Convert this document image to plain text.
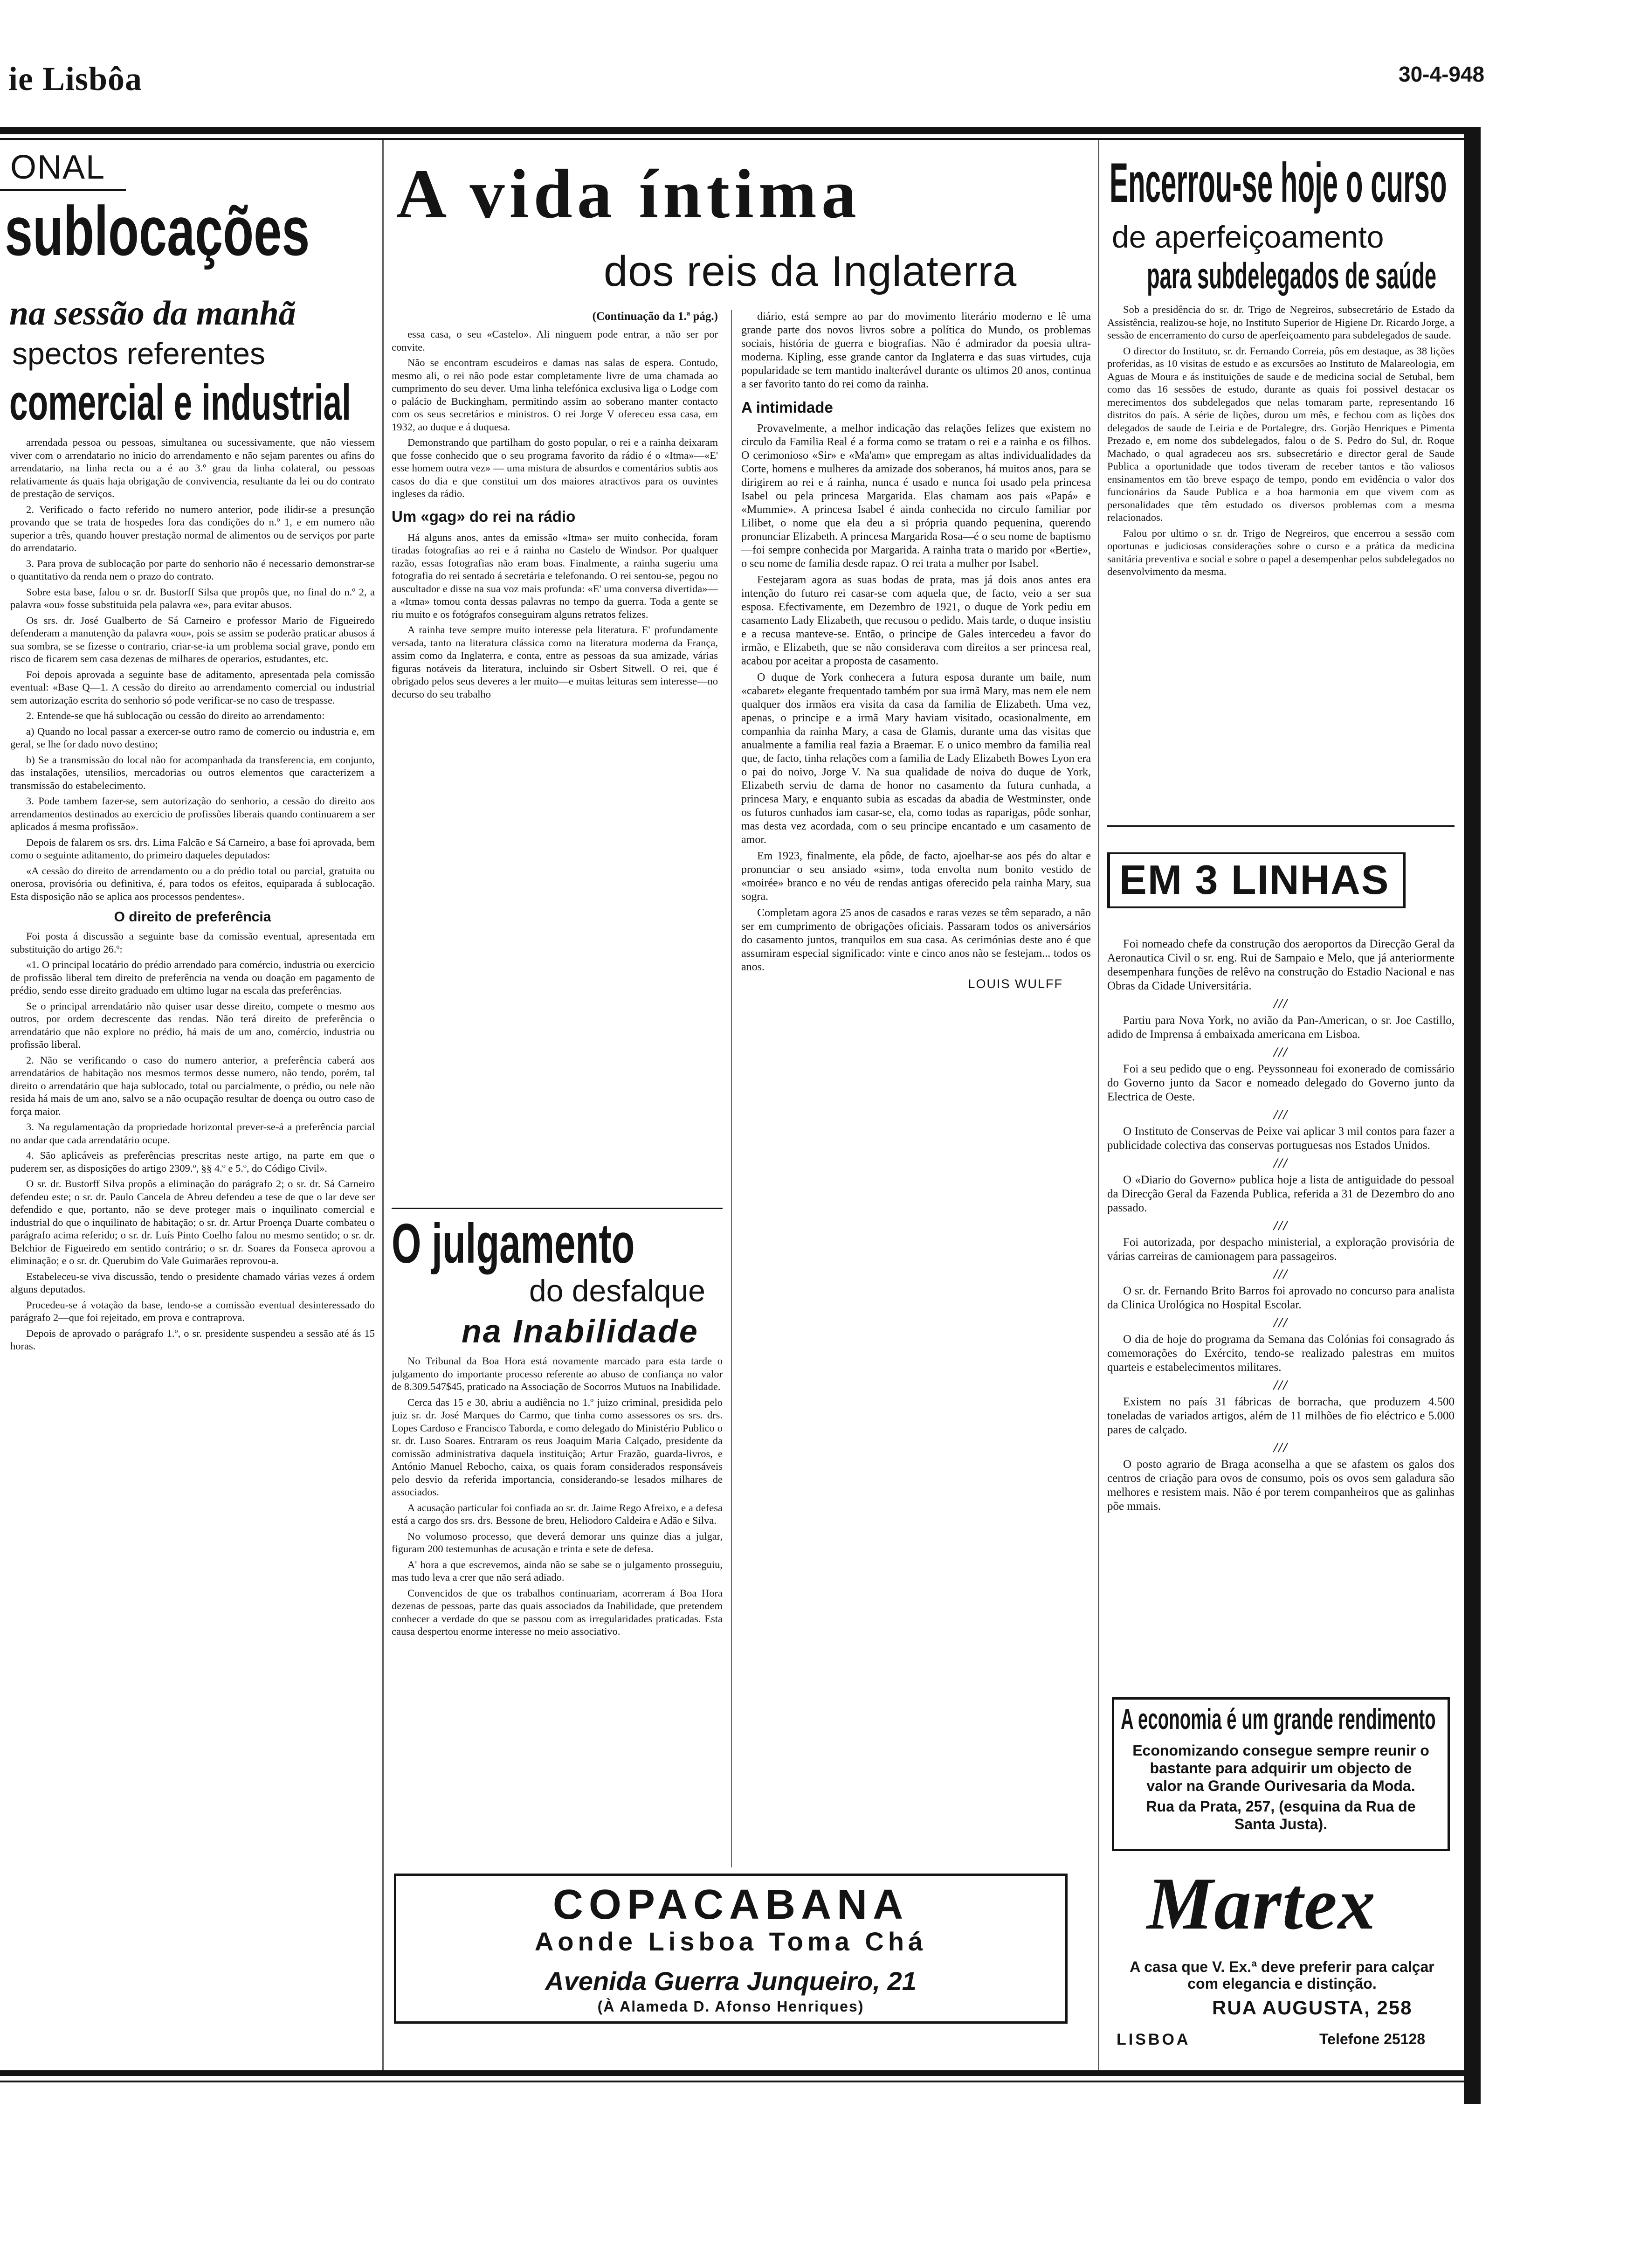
ie Lisbôa	30-4-948
ONAL
sublocações
na sessão da manhã
spectos referentes
comercial e industrial

arrendada pessoa ou pessoas, simultanea ou sucessivamente, que não viessem viver com o arrendatario no inicio do arrendamento e não sejam parentes ou afins do arrendatario, na linha recta ou a é ao 3.º grau da linha colateral, ou pessoas relativamente ás quais haja obrigação de convivencia, resultante da lei ou do contrato de prestação de serviços.

2. Verificado o facto referido no numero anterior, pode ilidir-se a presunção provando que se trata de hospedes fora das condições do n.º 1, e em numero não superior a três, quando houver prestação normal de alimentos ou de serviços por parte do arrendatario.

3. Para prova de sublocação por parte do senhorio não é necessario demonstrar-se o quantitativo da renda nem o prazo do contrato.

Sobre esta base, falou o sr. dr. Bustorff Silsa que propôs que, no final do n.º 2, a palavra «ou» fosse substituida pela palavra «e», para evitar abusos.

Os srs. dr. José Gualberto de Sá Carneiro e professor Mario de Figueiredo defenderam a manutenção da palavra «ou», pois se assim se poderão praticar abusos á sua sombra, se se fizesse o contrario, criar-se-ia um problema social grave, pondo em risco de ficarem sem casa dezenas de milhares de operarios, estudantes, etc.

Foi depois aprovada a seguinte base de aditamento, apresentada pela comissão eventual: «Base Q—1. A cessão do direito ao arrendamento comercial ou industrial sem autorização escrita do senhorio só pode verificar-se no caso de trespasse.

2. Entende-se que há sublocação ou cessão do direito ao arrendamento:

a) Quando no local passar a exercer-se outro ramo de comercio ou industria e, em geral, se lhe for dado novo destino;

b) Se a transmissão do local não for acompanhada da transferencia, em conjunto, das instalações, utensilios, mercadorias ou outros elementos que caracterizem a transmissão do estabelecimento.

3. Pode tambem fazer-se, sem autorização do senhorio, a cessão do direito aos arrendamentos destinados ao exercicio de profissões liberais quando continuarem a ser aplicados á mesma profissão».

Depois de falarem os srs. drs. Lima Falcão e Sá Carneiro, a base foi aprovada, bem como o seguinte aditamento, do primeiro daqueles deputados:

«A cessão do direito de arrendamento ou a do prédio total ou parcial, gratuita ou onerosa, provisória ou definitiva, é, para todos os efeitos, equiparada á sublocação. Esta disposição não se aplica aos processos pendentes».

O direito de preferência

Foi posta á discussão a seguinte base da comissão eventual, apresentada em substituição do artigo 26.º:

«1. O principal locatário do prédio arrendado para comércio, industria ou exercicio de profissão liberal tem direito de preferência na venda ou doação em pagamento de prédio, sendo esse direito graduado em ultimo lugar na escala das preferências.

Se o principal arrendatário não quiser usar desse direito, compete o mesmo aos outros, por ordem decrescente das rendas. Não terá direito de preferência o arrendatário que não explore no prédio, há mais de um ano, comércio, industria ou profissão liberal.

2. Não se verificando o caso do numero anterior, a preferência caberá aos arrendatários de habitação nos mesmos termos desse numero, não tendo, porém, tal direito o arrendatário que haja sublocado, total ou parcialmente, o prédio, ou nele não resida há mais de um ano, salvo se a não ocupação resultar de doença ou outro caso de força maior.

3. Na regulamentação da propriedade horizontal prever-se-á a preferência parcial no andar que cada arrendatário ocupe.

4. São aplicáveis as preferências prescritas neste artigo, na parte em que o puderem ser, as disposições do artigo 2309.º, §§ 4.º e 5.º, do Código Civil».

O sr. dr. Bustorff Silva propôs a eliminação do parágrafo 2; o sr. dr. Sá Carneiro defendeu este; o sr. dr. Paulo Cancela de Abreu defendeu a tese de que o lar deve ser defendido e que, portanto, não se deve proteger mais o inquilinato comercial e industrial do que o inquilinato de habitação; o sr. dr. Artur Proença Duarte combateu o parágrafo acima referido; o sr. dr. Luís Pinto Coelho falou no mesmo sentido; o sr. dr. Belchior de Figueiredo em sentido contrário; o sr. dr. Soares da Fonseca aprovou a eliminação; e o sr. dr. Querubim do Vale Guimarães reprovou-a.

Estabeleceu-se viva discussão, tendo o presidente chamado várias vezes á ordem alguns deputados.

Procedeu-se á votação da base, tendo-se a comissão eventual desinteressado do parágrafo 2—que foi rejeitado, em prova e contraprova.

Depois de aprovado o parágrafo 1.º, o sr. presidente suspendeu a sessão até ás 15 horas.

A vida íntima
dos reis da Inglaterra
(Continuação da 1.ª pág.)

essa casa, o seu «Castelo». Ali ninguem pode entrar, a não ser por convite.

Não se encontram escudeiros e damas nas salas de espera. Contudo, mesmo ali, o rei não pode estar completamente livre de uma chamada ao cumprimento do seu dever. Uma linha telefónica exclusiva liga o Lodge com o palácio de Buckingham, permitindo assim ao soberano manter contacto com os seus secretários e ministros. O rei Jorge V ofereceu essa casa, em 1932, ao duque e á duquesa.

Demonstrando que partilham do gosto popular, o rei e a rainha deixaram que fosse conhecido que o seu programa favorito da rádio é o «Itma»—«E' esse homem outra vez» — uma mistura de absurdos e comentários subtis aos casos do dia e que constitui um dos maiores atractivos para os ouvintes ingleses da rádio.

Um «gag» do rei na rádio

Há alguns anos, antes da emissão «Itma» ser muito conhecida, foram tiradas fotografias ao rei e á rainha no Castelo de Windsor. Por qualquer razão, essas fotografias não eram boas. Finalmente, a rainha sugeriu uma fotografia do rei sentado á secretária e telefonando. O rei sentou-se, pegou no auscultador e disse na sua voz mais profunda: «E' uma conversa divertida»—a «Itma» tomou conta dessas palavras no tempo da guerra. Toda a gente se riu muito e os fotógrafos conseguiram alguns retratos felizes.

A rainha teve sempre muito interesse pela literatura. E' profundamente versada, tanto na literatura clássica como na literatura moderna da França, assim como da Inglaterra, e conta, entre as pessoas da sua amizade, várias figuras notáveis da literatura, incluindo sir Osbert Sitwell. O rei, que é obrigado pelos seus deveres a ler muito—e muitas leituras sem interesse—no decurso do seu trabalho

diário, está sempre ao par do movimento literário moderno e lê uma grande parte dos novos livros sobre a política do Mundo, os problemas sociais, história de guerra e biografias. Não é admirador da poesia ultra-moderna. Kipling, esse grande cantor da Inglaterra e das suas virtudes, cuja popularidade se tem mantido inalterável durante os ultimos 20 anos, continua a ser favorito tanto do rei como da rainha.

A intimidade

Provavelmente, a melhor indicação das relações felizes que existem no circulo da Familia Real é a forma como se tratam o rei e a rainha e os filhos. O cerimonioso «Sir» e «Ma'am» que empregam as altas individualidades da Corte, homens e mulheres da amizade dos soberanos, há muitos anos, para se dirigirem ao rei e á rainha, nunca é usado e nunca foi usado pela princesa Isabel ou pela princesa Margarida. Elas chamam aos pais «Papá» e «Mummie». A princesa Isabel é ainda conhecida no circulo familiar por Lilibet, o nome que ela deu a si própria quando pequenina, querendo pronunciar Elizabeth. A princesa Margarida Rosa—é o seu nome de baptismo—foi sempre conhecida por Margarida. A rainha trata o marido por «Bertie», o seu nome de familia desde rapaz. O rei trata a mulher por Isabel.

Festejaram agora as suas bodas de prata, mas já dois anos antes era intenção do futuro rei casar-se com aquela que, de facto, veio a ser sua esposa. Efectivamente, em Dezembro de 1921, o duque de York pediu em casamento Lady Elizabeth, que recusou o pedido. Mais tarde, o duque insistiu e a recusa manteve-se. Então, o principe de Gales intercedeu a favor do irmão, e Elizabeth, que se não considerava com direitos a ser princesa real, acabou por aceitar a proposta de casamento.

O duque de York conhecera a futura esposa durante um baile, num «cabaret» elegante frequentado também por sua irmã Mary, mas nem ele nem qualquer dos irmãos era visita da casa da familia de Elizabeth. Uma vez, apenas, o principe e a irmã Mary haviam visitado, ocasionalmente, em companhia da rainha Mary, a casa de Glamis, durante uma das visitas que anualmente a familia real fazia a Braemar. E o unico membro da familia real que, de facto, tinha relações com a familia de Lady Elizabeth Bowes Lyon era o pai do noivo, Jorge V. Na sua qualidade de noiva do duque de York, Elizabeth serviu de dama de honor no casamento da futura cunhada, a princesa Mary, e enquanto subia as escadas da abadia de Westminster, onde os futuros cunhados iam casar-se, ela, como todas as raparigas, pôde sonhar, mas desta vez acordada, com o seu principe encantado e um casamento de amor.

Em 1923, finalmente, ela pôde, de facto, ajoelhar-se aos pés do altar e pronunciar o seu ansiado «sim», toda envolta num bonito vestido de «moirée» branco e no véu de rendas antigas oferecido pela rainha Mary, sua sogra.

Completam agora 25 anos de casados e raras vezes se têm separado, a não ser em cumprimento de obrigações oficiais. Passaram todos os aniversários do casamento juntos, tranquilos em sua casa. As cerimónias deste ano é que assumiram especial significado: vinte e cinco anos não se festejam... todos os anos.

LOUIS WULFF
O julgamento
do desfalque
na Inabilidade

No Tribunal da Boa Hora está novamente marcado para esta tarde o julgamento do importante processo referente ao abuso de confiança no valor de 8.309.547$45, praticado na Associação de Socorros Mutuos na Inabilidade.

Cerca das 15 e 30, abriu a audiência no 1.º juizo criminal, presidida pelo juiz sr. dr. José Marques do Carmo, que tinha como assessores os srs. drs. Lopes Cardoso e Francisco Taborda, e como delegado do Ministério Publico o sr. dr. Luso Soares. Entraram os reus Joaquim Maria Calçado, presidente da comissão administrativa daquela instituição; Artur Frazão, guarda-livros, e António Manuel Rebocho, caixa, os quais foram considerados responsáveis pelo desvio da referida importancia, considerando-se lesados milhares de associados.

A acusação particular foi confiada ao sr. dr. Jaime Rego Afreixo, e a defesa está a cargo dos srs. drs. Bessone de breu, Heliodoro Caldeira e Adão e Silva.

No volumoso processo, que deverá demorar uns quinze dias a julgar, figuram 200 testemunhas de acusação e trinta e sete de defesa.

A' hora a que escrevemos, ainda não se sabe se o julgamento prosseguiu, mas tudo leva a crer que não será adiado.

Convencidos de que os trabalhos continuariam, acorreram á Boa Hora dezenas de pessoas, parte das quais associados da Inabilidade, que pretendem conhecer a verdade do que se passou com as irregularidades praticadas. Esta causa despertou enorme interesse no meio associativo.

COPACABANA
Aonde Lisboa Toma Chá
Avenida Guerra Junqueiro, 21
(À Alameda D. Afonso Henriques)
Encerrou-se hoje o curso
de aperfeiçoamento
para subdelegados de saúde

Sob a presidência do sr. dr. Trigo de Negreiros, subsecretário de Estado da Assistência, realizou-se hoje, no Instituto Superior de Higiene Dr. Ricardo Jorge, a sessão de encerramento do curso de aperfeiçoamento para subdelegados de saude.

O director do Instituto, sr. dr. Fernando Correia, pôs em destaque, as 38 lições proferidas, as 10 visitas de estudo e as excursões ao Instituto de Malareologia, em Aguas de Moura e ás instituições de saude e de medicina social de Setubal, bem como das 16 sessões de estudo, durante as quais foi possivel destacar os merecimentos dos subdelegados que nelas tomaram parte, representando 16 distritos do país. A série de lições, durou um mês, e fechou com as lições dos delegados de saude de Leiria e de Portalegre, drs. Gorjão Henriques e Pimenta Prezado e, em nome dos subdelegados, falou o de S. Pedro do Sul, dr. Roque Machado, o qual agradeceu aos srs. subsecretário e director geral de Saude Publica a oportunidade que todos tiveram de receber tantos e tão valiosos ensinamentos em tão breve espaço de tempo, pondo em evidência o valor dos funcionários da Saude Publica e a boa harmonia em que vivem com as personalidades que têm estudado os diversos problemas com a mesma relacionados.

Falou por ultimo o sr. dr. Trigo de Negreiros, que encerrou a sessão com oportunas e judiciosas considerações sobre o curso e a prática da medicina sanitária preventiva e social e sobre o papel a desempenhar pelos subdelegados no desenvolvimento da mesma.

EM 3 LINHAS

Foi nomeado chefe da construção dos aeroportos da Direcção Geral da Aeronautica Civil o sr. eng. Rui de Sampaio e Melo, que já anteriormente desempenhara funções de relêvo na construção do Estadio Nacional e nas Obras da Cidade Universitária.

///

Partiu para Nova York, no avião da Pan-American, o sr. Joe Castillo, adido de Imprensa á embaixada americana em Lisboa.

///

Foi a seu pedido que o eng. Peyssonneau foi exonerado de comissário do Governo junto da Sacor e nomeado delegado do Governo junto da Electrica de Oeste.

///

O Instituto de Conservas de Peixe vai aplicar 3 mil contos para fazer a publicidade colectiva das conservas portuguesas nos Estados Unidos.

///

O «Diario do Governo» publica hoje a lista de antiguidade do pessoal da Direcção Geral da Fazenda Publica, referida a 31 de Dezembro do ano passado.

///

Foi autorizada, por despacho ministerial, a exploração provisória de várias carreiras de camionagem para passageiros.

///

O sr. dr. Fernando Brito Barros foi aprovado no concurso para analista da Clinica Urológica no Hospital Escolar.

///

O dia de hoje do programa da Semana das Colónias foi consagrado ás comemorações do Exército, tendo-se realizado palestras em muitos quarteis e estabelecimentos militares.

///

Existem no país 31 fábricas de borracha, que produzem 4.500 toneladas de variados artigos, além de 11 milhões de fio eléctrico e 5.000 pares de calçado.

///

O posto agrario de Braga aconselha a que se afastem os galos dos centros de criação para ovos de consumo, pois os ovos sem galadura são melhores e resistem mais. Não é por terem companheiros que as galinhas põe mmais.

A economia é um grande rendimento
Economizando consegue sempre reunir o bastante para adquirir um objecto de valor na Grande Ourivesaria da Moda.
Rua da Prata, 257, (esquina da Rua de Santa Justa).
Martex
A casa que V. Ex.ª deve preferir para calçar com elegancia e distinção.
RUA AUGUSTA, 258
LISBOA	Telefone 25128
